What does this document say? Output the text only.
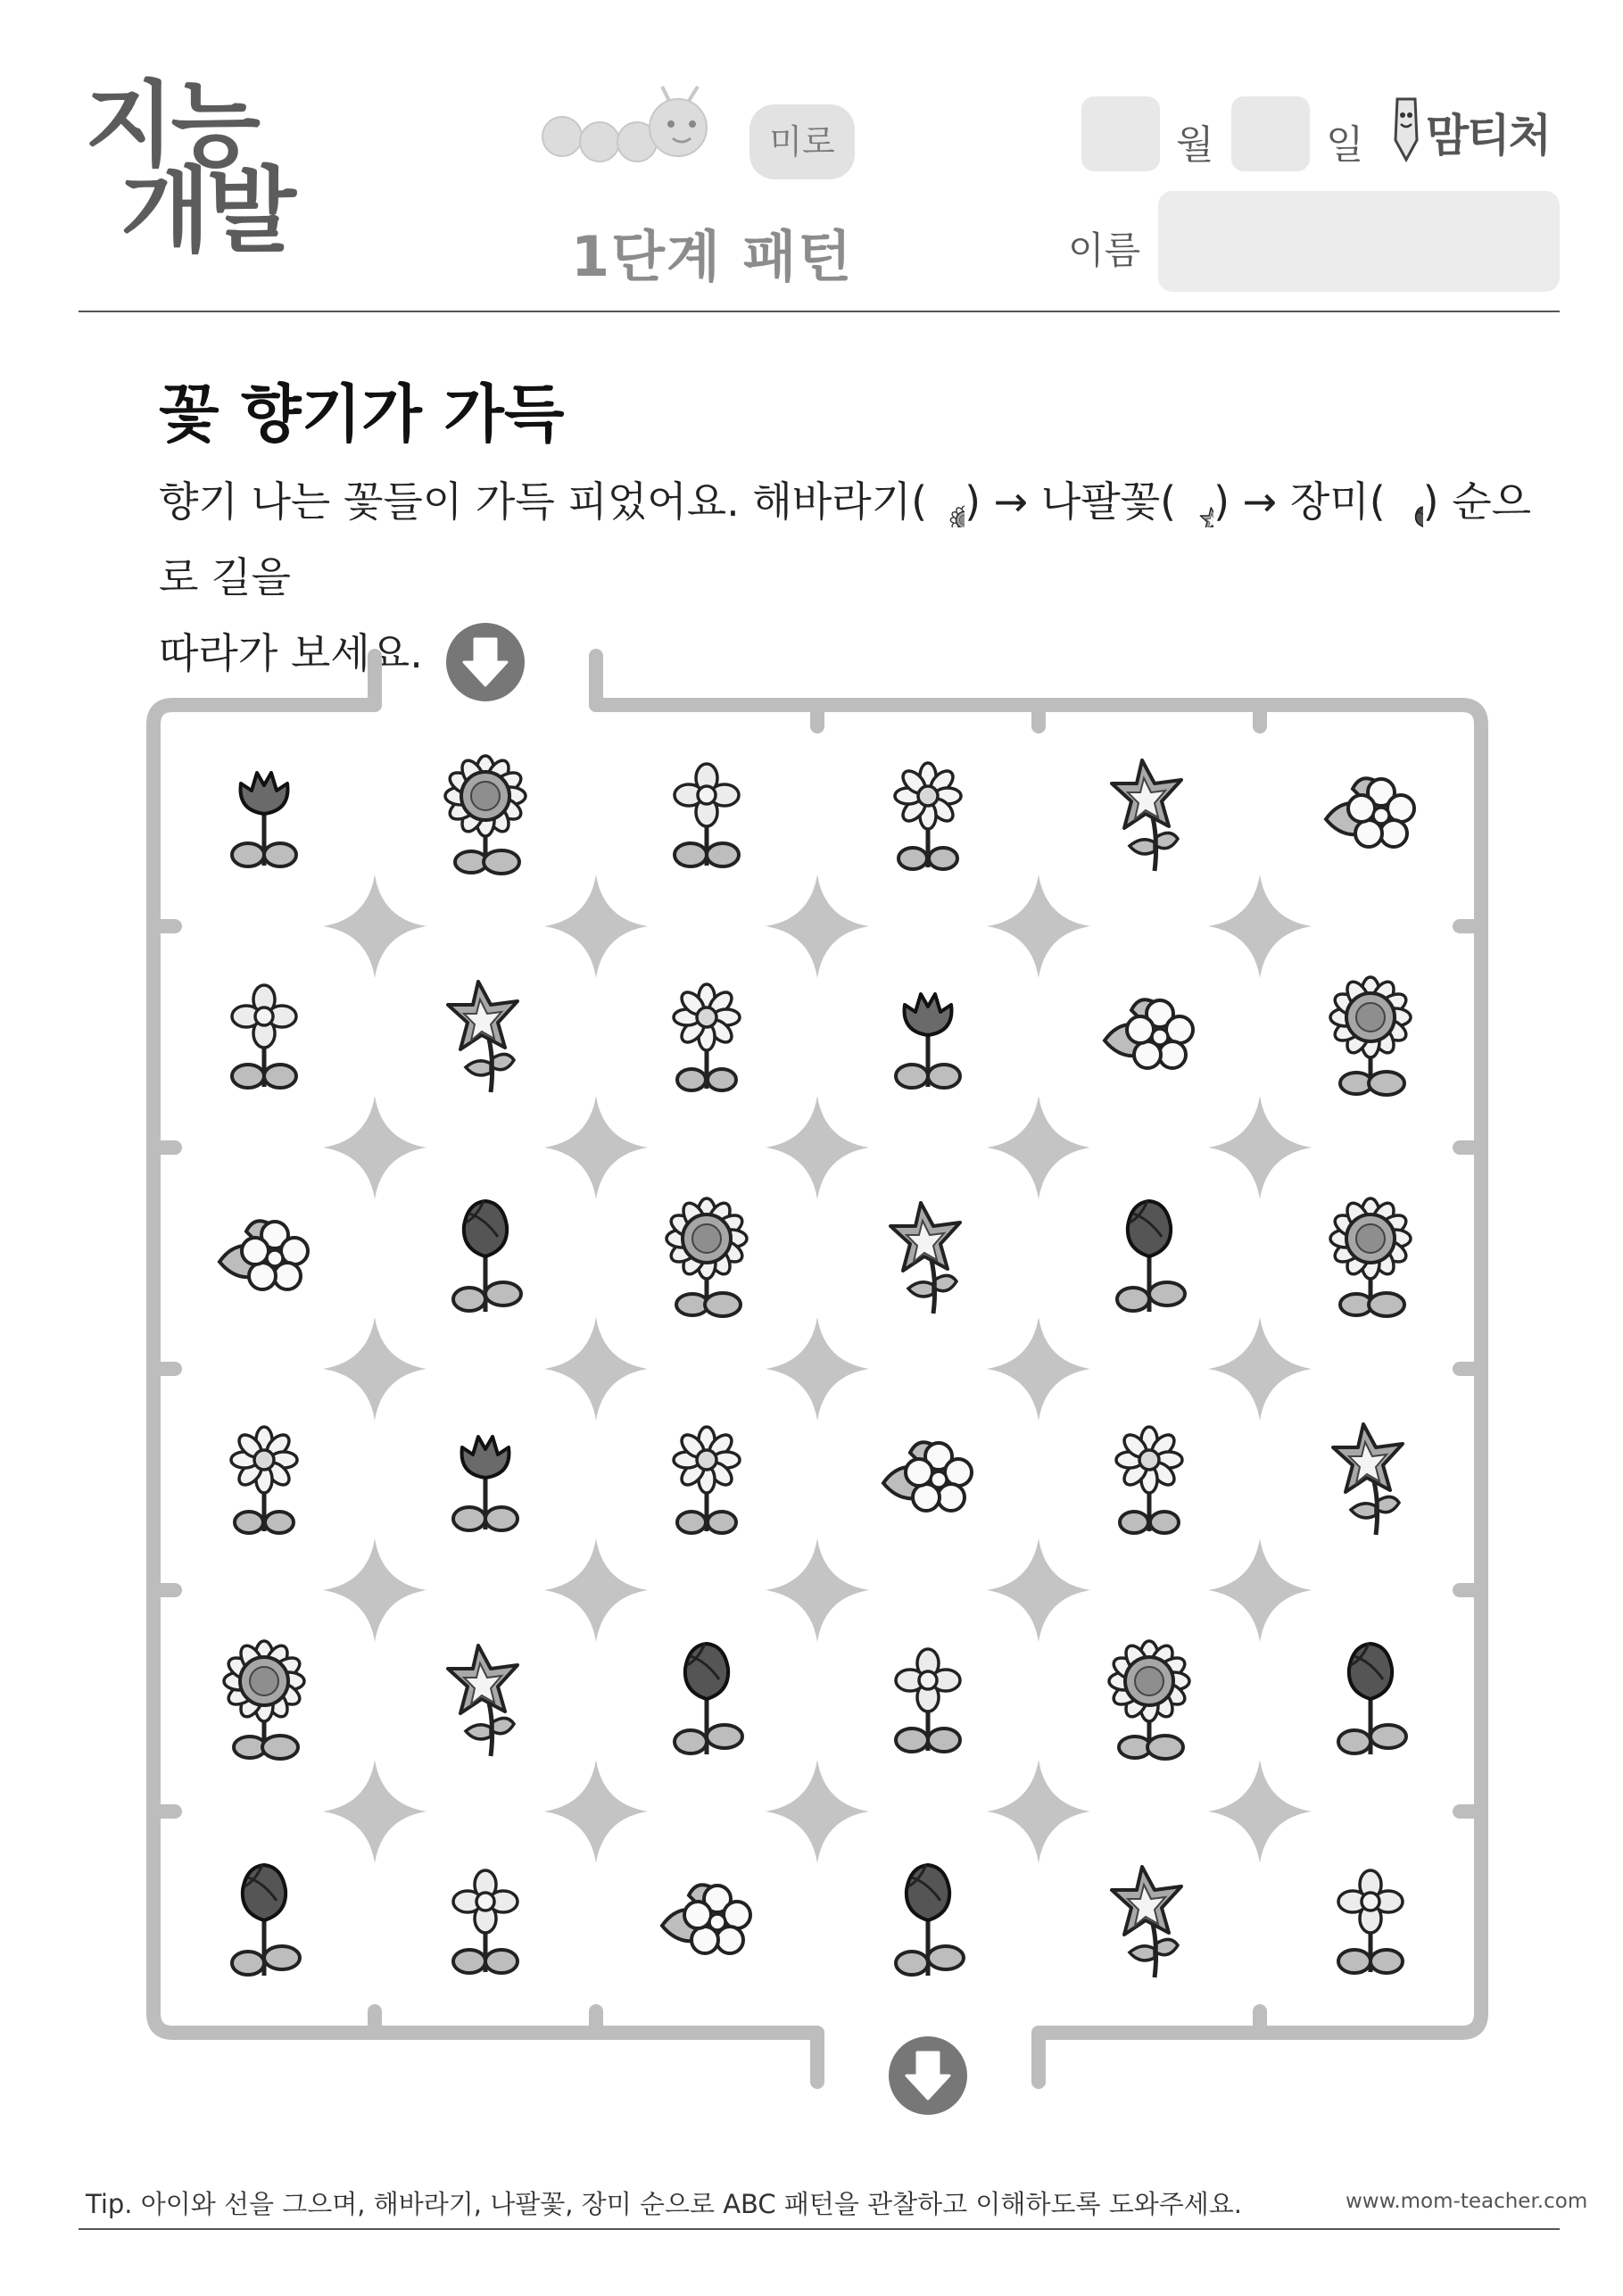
지능
개발
미로
1단계 패턴
월	일 맘티처
이름
꽃 향기가 가득
향기 나는 꽃들이 가득 피었어요. 해바라기( ) → 나팔꽃( ) → 장미( ) 순으로 길을
따라가 보세요.
Tip. 아이와 선을 그으며, 해바라기, 나팔꽃, 장미 순으로 ABC 패턴을 관찰하고 이해하도록 도와주세요.	www.mom-teacher.com
